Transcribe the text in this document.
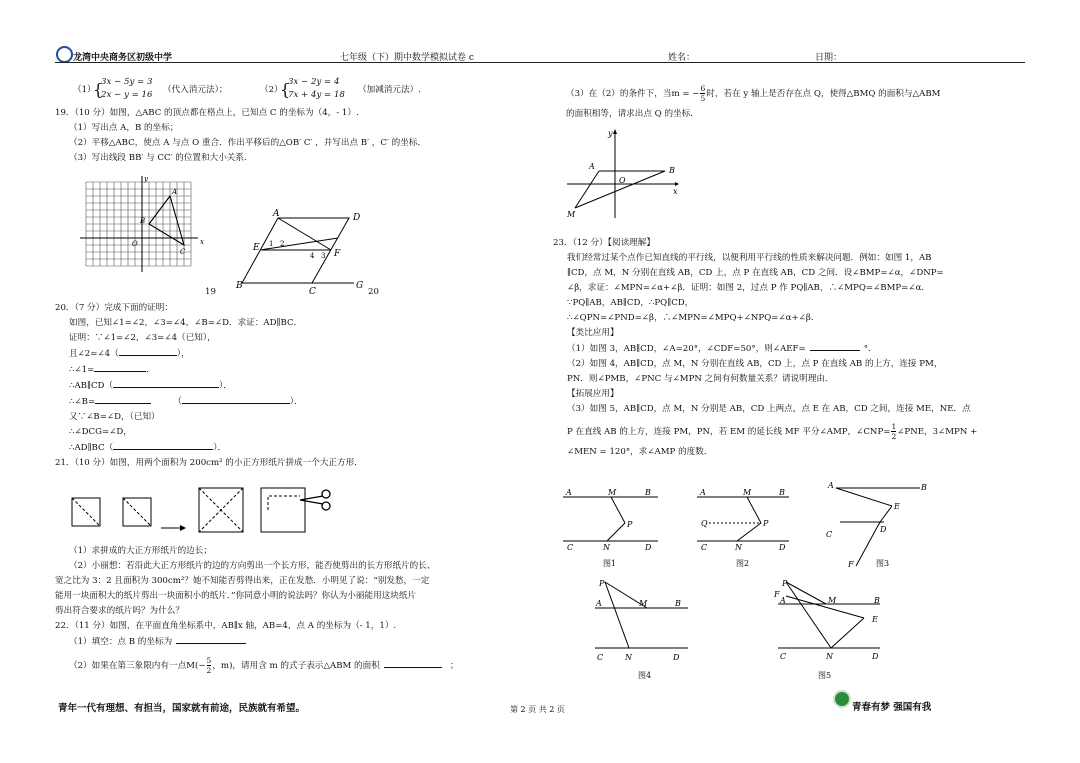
龙湾中央商务区初级中学	七年级（下）期中数学模拟试卷 c	姓名：	日期：
（1）
{
3x − 5y = 3
2x − y = 16 （代入消元法）；	（2）
{
3x − 2y = 4
7x + 4y = 18 （加减消元法）.
19．（10 分）如图，△ABC 的顶点都在格点上，已知点 C 的坐标为（4，- 1）.
（1）写出点 A，B 的坐标；
（2）平移△ABC，使点 A 与点 O 重合．作出平移后的△OB′ C′ ，并写出点 B′ ，C′ 的坐标．
（3）写出线段 BB′ 与 CC′ 的位置和大小关系．
A
B
C
O
y
x
A	D
E
F
B
C
G
1 2
4 3
19	20
20．（7 分）完成下面的证明：
如图，已知∠1=∠2，∠3=∠4，∠B=∠D．求证：AD∥BC．
证明：∵∠1=∠2，∠3=∠4（已知），
且∠2=∠4（	），
∴∠1=	．
∴AB∥CD（	）．
∴∠B=	（	）．
又∵∠B=∠D，（已知）
∴∠DCG=∠D，
∴AD∥BC（	）．
21．（10 分）如图，用两个面积为 200cm² 的小正方形纸片拼成一个大正方形．
（1）求拼成的大正方形纸片的边长；
（2）小丽想：若沿此大正方形纸片的边的方向剪出一个长方形，能否使剪出的长方形纸片的长、
宽之比为 3：2 且面积为 300cm²？她不知能否剪得出来，正在发愁．小明见了说：“别发愁，一定
能用一块面积大的纸片剪出一块面积小的纸片．”你同意小明的说法吗？你认为小丽能用这块纸片
剪出符合要求的纸片吗？为什么？
22．（11 分）如图，在平面直角坐标系中，AB∥x 轴，AB=4，点 A 的坐标为（- 1，1）.
（1）填空：点 B 的坐标为
（2）如果在第三象限内有一点$M(- \frac{5}{2}$ ，m)，请用含 m 的式子表示△ABM 的面积	；
（3）在（2）的条件下，当m = − $\frac{6}{5}$ 时，若在 y 轴上是否存在点 Q，使得△BMQ 的面积与△ABM
的面积相等，请求出点 Q 的坐标．
A	B
O
M
y
x
23．（12 分）【阅读理解】
我们经常过某个点作已知直线的平行线，以便利用平行线的性质来解决问题．例如：如图 1，AB
∥CD，点 M，N 分别在直线 AB，CD 上，点 P 在直线 AB，CD 之间．设∠BMP=∠α，∠DNP=
∠β，求证：∠MPN=∠α+∠β．证明：如图 2，过点 P 作 PQ∥AB，∴∠MPQ=∠BMP=∠α．
∵PQ∥AB，AB∥CD，∴PQ∥CD，
∴∠QPN=∠PND=∠β，∴∠MPN=∠MPQ+∠NPQ=∠α+∠β．
【类比应用】
（1）如图 3，AB∥CD，∠A=20°，∠CDF=50°，则∠AEF=	°．
（2）如图 4，AB∥CD，点 M，N 分别在直线 AB，CD 上，点 P 在直线 AB 的上方，连接 PM，
PN．则∠PMB，∠PNC 与∠MPN 之间有何数量关系？请说明理由．
【拓展应用】
（3）如图 5，AB∥CD，点 M，N 分别是 AB，CD 上两点，点 E 在 AB，CD 之间，连接 ME，NE．点
P 在直线 AB 的上方，连接 PM，PN，若 EM 的延长线 MF 平分∠AMP，∠CNP= $\frac{1}{2}$ ∠PNE，3∠MPN +
∠MEN = 120°，求∠AMP 的度数．
A	M	B
P
C	N	D
图1
A	M	B
Q	P
C	N	D
图2
A	B
E
D
C
F	图3
P
A	M	B
C	N	D
图4
P
F
A	M	B
E
C	N	D
图5
青年一代有理想、有担当，国家就有前途，民族就有希望。	第 2 页 共 2 页	青春有梦 强国有我
